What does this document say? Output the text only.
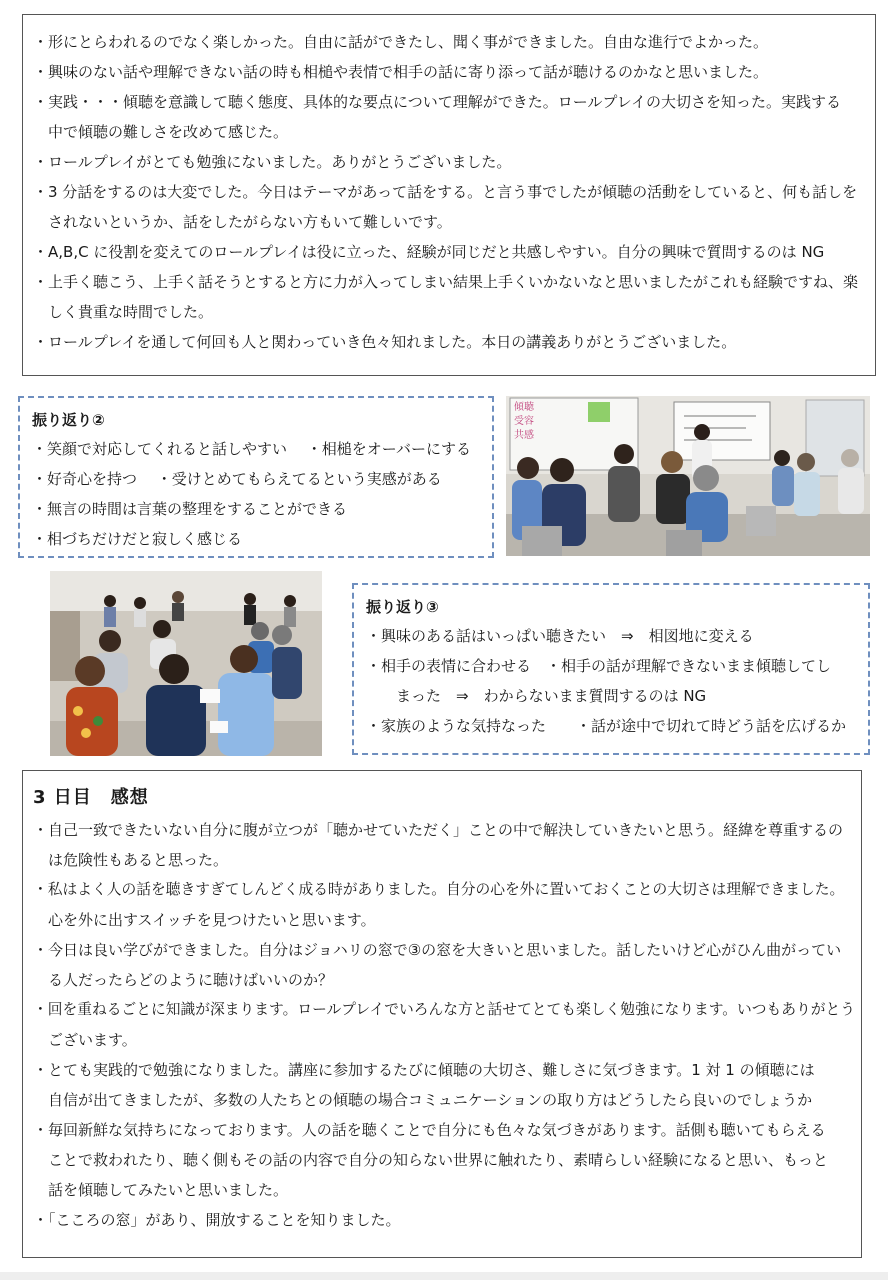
・形にとらわれるのでなく楽しかった。自由に話ができたし、聞く事ができました。自由な進行でよかった。
・興味のない話や理解できない話の時も相槌や表情で相手の話に寄り添って話が聴けるのかなと思いました。
・実践・・・傾聴を意識して聴く態度、具体的な要点について理解ができた。ロールプレイの大切さを知った。実践する
　中で傾聴の難しさを改めて感じた。
・ロールプレイがとても勉強にないました。ありがとうございました。
・3 分話をするのは大変でした。今日はテーマがあって話をする。と言う事でしたが傾聴の活動をしていると、何も話しを
　されないというか、話をしたがらない方もいて難しいです。
・A,B,C に役割を変えてのロールプレイは役に立った、経験が同じだと共感しやすい。自分の興味で質問するのは NG
・上手く聴こう、上手く話そうとすると方に力が入ってしまい結果上手くいかないなと思いましたがこれも経験ですね、楽
　しく貴重な時間でした。
・ロールプレイを通して何回も人と関わっていき色々知れました。本日の講義ありがとうございました。
振り返り②
・笑顔で対応してくれると話しやすい　 ・相槌をオーバーにする
・好奇心を持つ　 ・受けとめてもらえてるという実感がある
・無言の時間は言葉の整理をすることができる
・相づちだけだと寂しく感じる
傾聴
受容
共感
振り返り③
・興味のある話はいっぱい聴きたい　⇒　相図地に変える
・相手の表情に合わせる　・相手の話が理解できないまま傾聴してし
　　まった　⇒　わからないまま質問するのは NG
・家族のような気持なった　　・話が途中で切れて時どう話を広げるか
3 日目　感想
・自己一致できたいない自分に腹が立つが「聴かせていただく」ことの中で解決していきたいと思う。経緯を尊重するの
　は危険性もあると思った。
・私はよく人の話を聴きすぎてしんどく成る時がありました。自分の心を外に置いておくことの大切さは理解できました。
　心を外に出すスイッチを見つけたいと思います。
・今日は良い学びができました。自分はジョハリの窓で③の窓を大きいと思いました。話したいけど心がひん曲がってい
　る人だったらどのように聴けばいいのか？
・回を重ねるごとに知識が深まります。ロールプレイでいろんな方と話せてとても楽しく勉強になります。いつもありがとう
　ございます。
・とても実践的で勉強になりました。講座に参加するたびに傾聴の大切さ、難しさに気づきます。1 対 1 の傾聴には
　自信が出てきましたが、多数の人たちとの傾聴の場合コミュニケーションの取り方はどうしたら良いのでしょうか
・毎回新鮮な気持ちになっております。人の話を聴くことで自分にも色々な気づきがあります。話側も聴いてもらえる
　ことで救われたり、聴く側もその話の内容で自分の知らない世界に触れたり、素晴らしい経験になると思い、もっと
　話を傾聴してみたいと思いました。
・「こころの窓」があり、開放することを知りました。
